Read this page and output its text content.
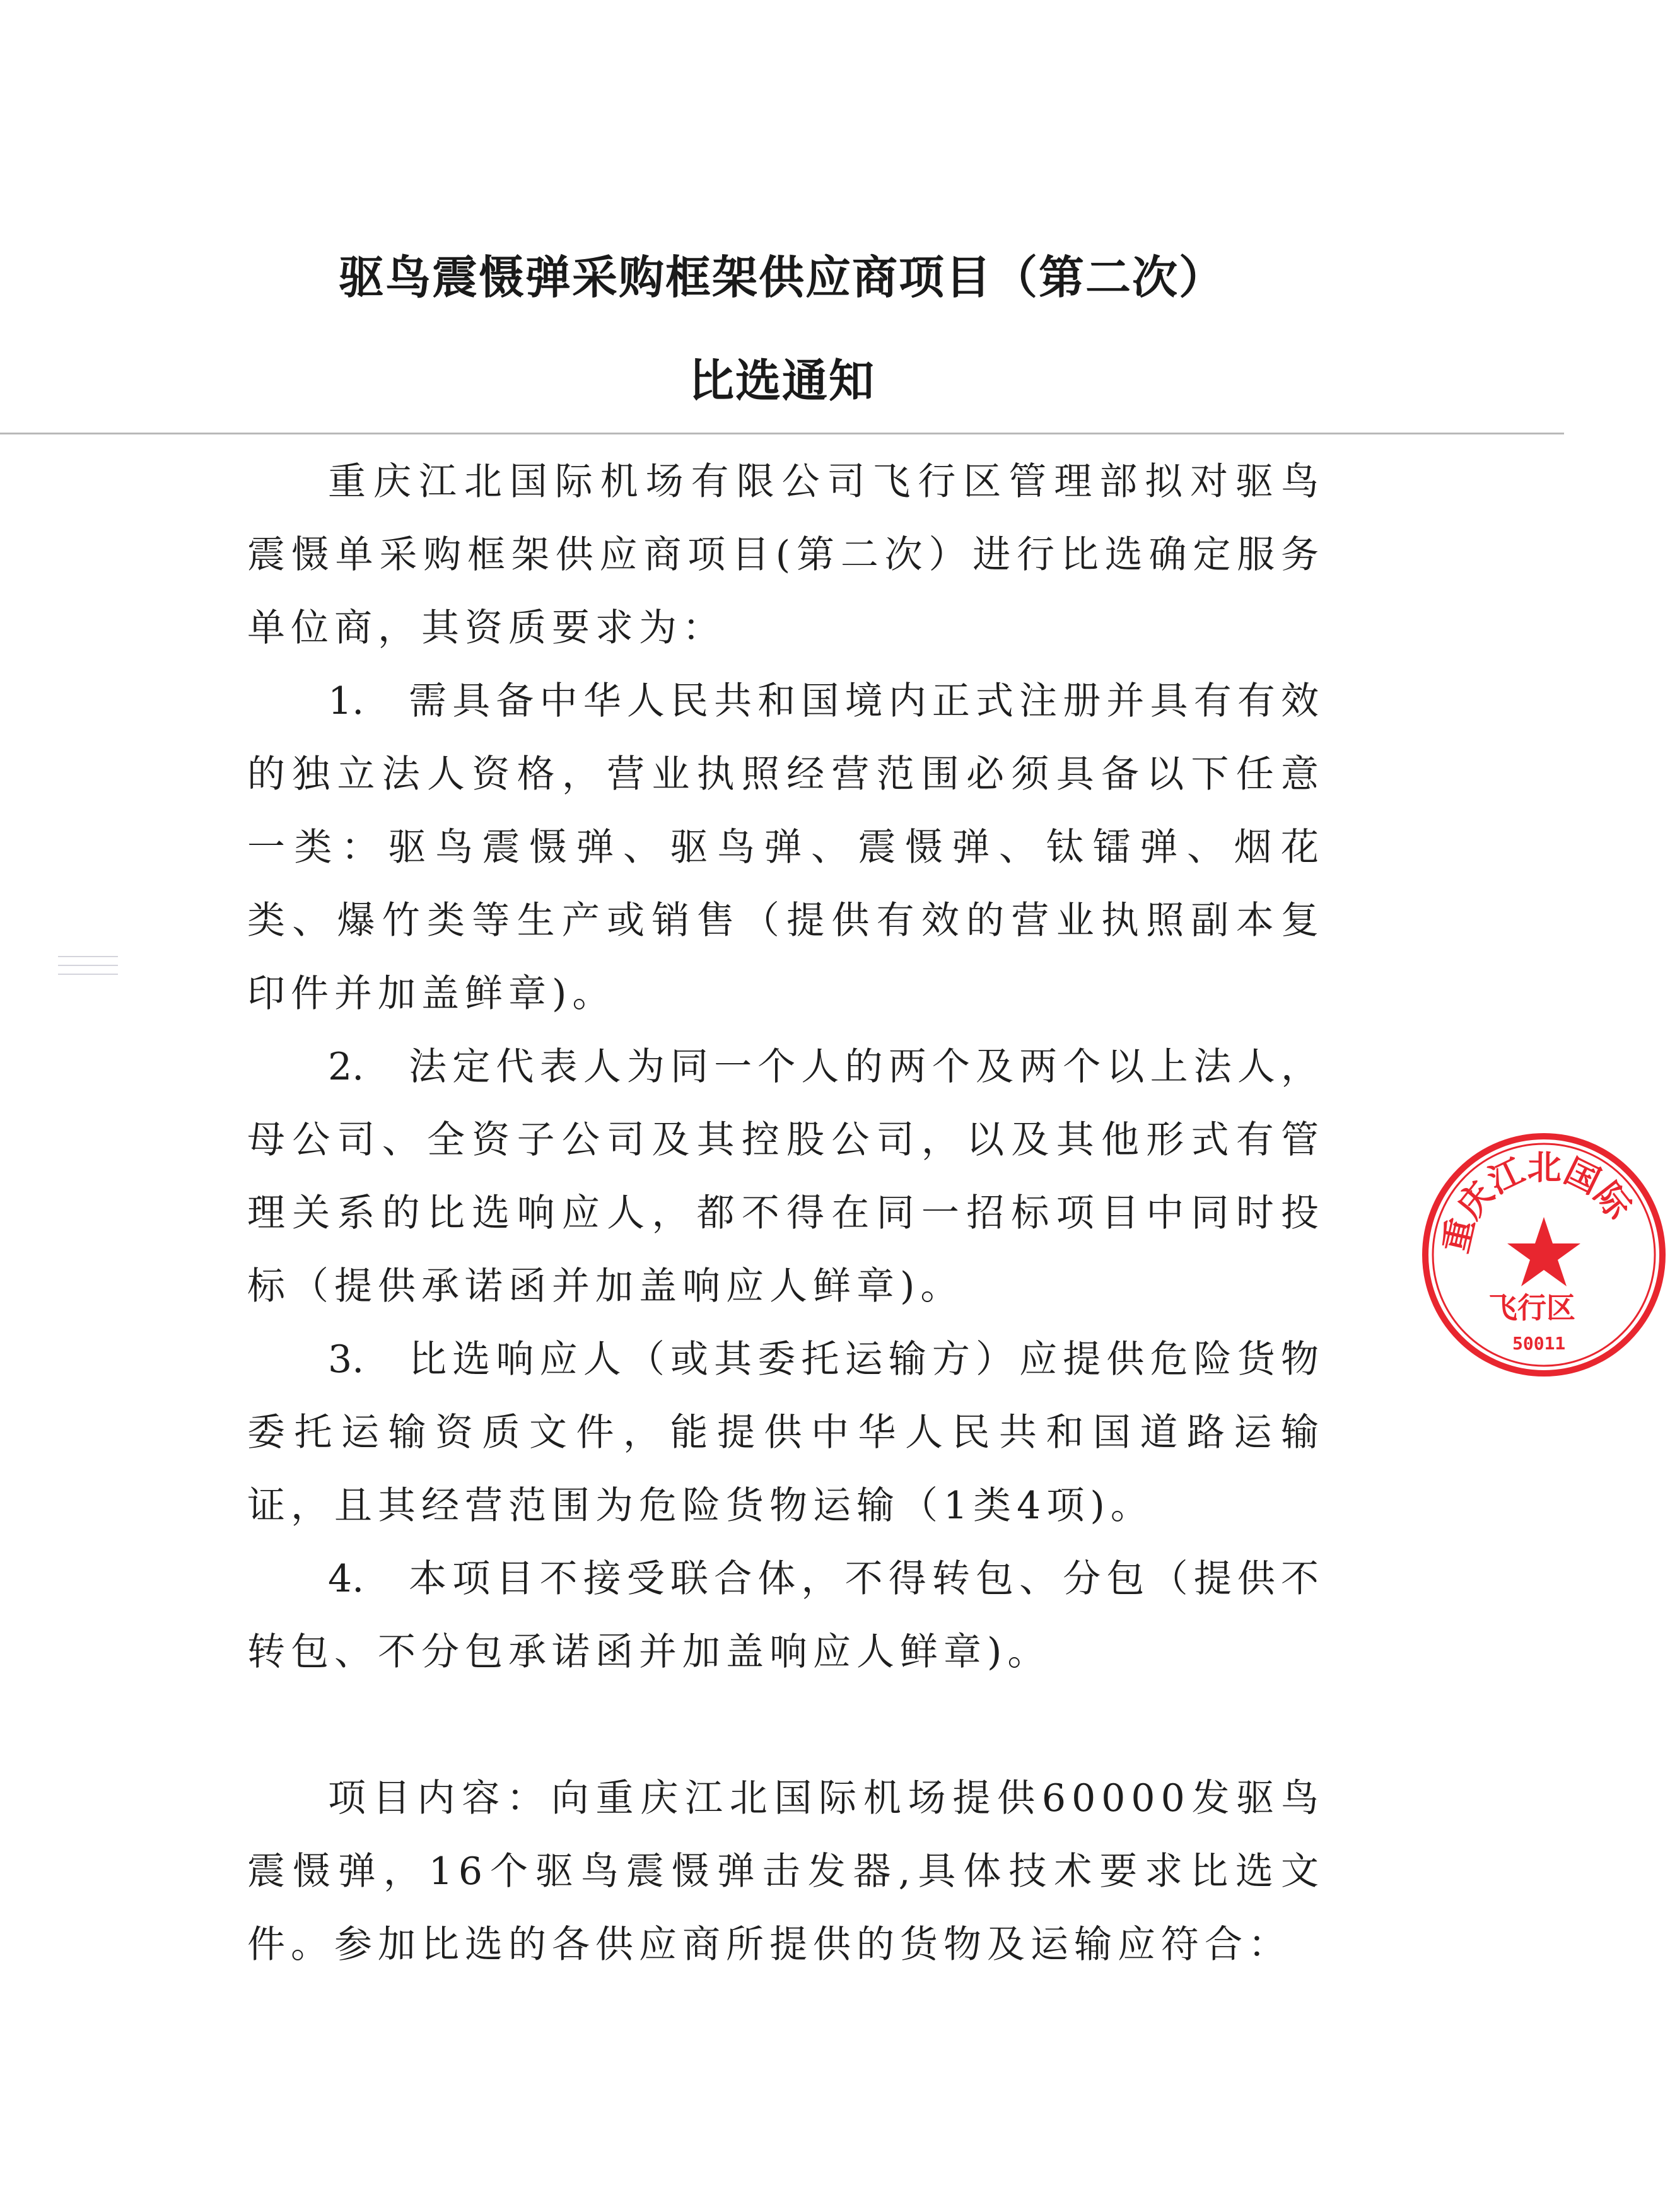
驱鸟震慑弹采购框架供应商项目（第二次）
比选通知

重庆江北国际机场有限公司飞行区管理部拟对驱鸟震慑单采购框架供应商项目(第二次）进行比选确定服务单位商，其资质要求为：

1. 需具备中华人民共和国境内正式注册并具有有效的独立法人资格，营业执照经营范围必须具备以下任意一类：驱鸟震慑弹、驱鸟弹、震慑弹、钛镭弹、烟花类、爆竹类等生产或销售（提供有效的营业执照副本复印件并加盖鲜章)。

2. 法定代表人为同一个人的两个及两个以上法人，母公司、全资子公司及其控股公司，以及其他形式有管理关系的比选响应人，都不得在同一招标项目中同时投标（提供承诺函并加盖响应人鲜章)。

3. 比选响应人（或其委托运输方）应提供危险货物委托运输资质文件，能提供中华人民共和国道路运输证，且其经营范围为危险货物运输（1类4项)。

4. 本项目不接受联合体，不得转包、分包（提供不转包、不分包承诺函并加盖响应人鲜章)。

项目内容：向重庆江北国际机场提供60000发驱鸟震慑弹，16个驱鸟震慑弹击发器,具体技术要求比选文件。参加比选的各供应商所提供的货物及运输应符合：

重庆江北国际
飞行区
50011
